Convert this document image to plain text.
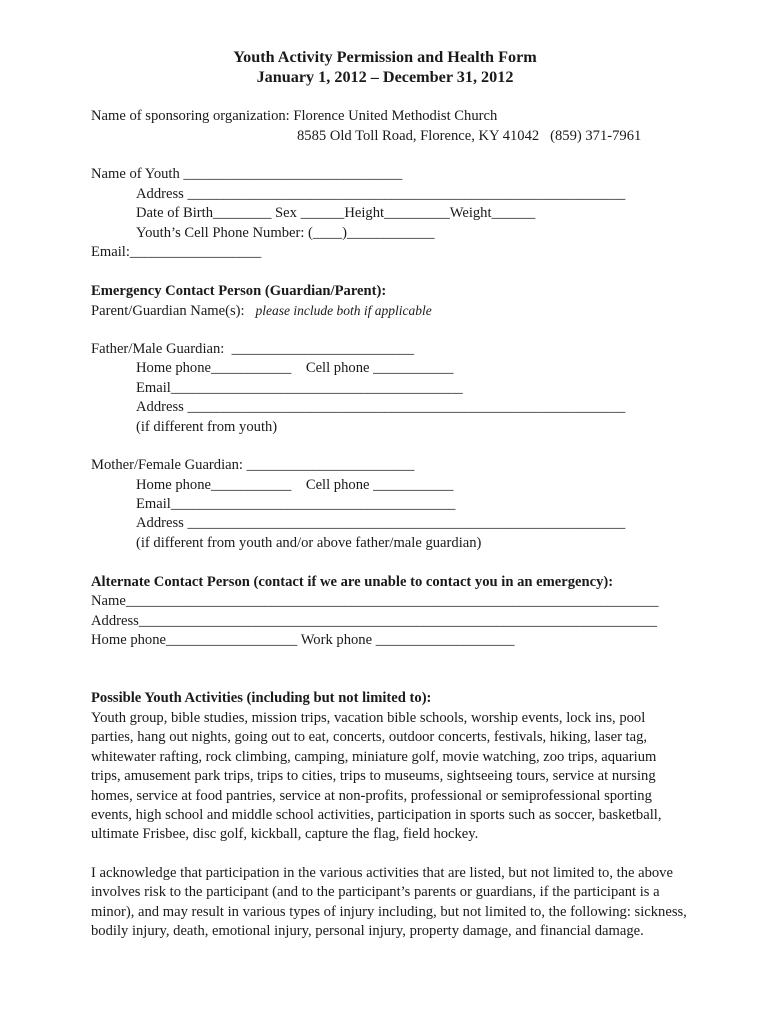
Youth Activity Permission and Health Form
January 1, 2012 – December 31, 2012
Name of sponsoring organization: Florence United Methodist Church
8585 Old Toll Road, Florence, KY 41042   (859) 371-7961
Name of Youth ______________________________
Address ____________________________________________________________
Date of Birth________ Sex ______Height_________Weight______
Youth’s Cell Phone Number: (____)____________
Email:__________________
Emergency Contact Person (Guardian/Parent):
Parent/Guardian Name(s): please include both if applicable
Father/Male Guardian:  _________________________
Home phone___________    Cell phone ___________
Email________________________________________
Address ____________________________________________________________
(if different from youth)
Mother/Female Guardian: _______________________
Home phone___________    Cell phone ___________
Email_______________________________________
Address ____________________________________________________________
(if different from youth and/or above father/male guardian)
Alternate Contact Person (contact if we are unable to contact you in an emergency):
Name_________________________________________________________________________
Address_______________________________________________________________________
Home phone__________________ Work phone ___________________
Possible Youth Activities (including but not limited to):

Youth group, bible studies, mission trips, vacation bible schools, worship events, lock ins, pool parties, hang out nights, going out to eat, concerts, outdoor concerts, festivals, hiking, laser tag, whitewater rafting, rock climbing, camping, miniature golf, movie watching, zoo trips, aquarium trips, amusement park trips, trips to cities, trips to museums, sightseeing tours, service at nursing homes, service at food pantries, service at non-profits, professional or semiprofessional sporting events, high school and middle school activities, participation in sports such as soccer, basketball, ultimate Frisbee, disc golf, kickball, capture the flag, field hockey.

I acknowledge that participation in the various activities that are listed, but not limited to, the above involves risk to the participant (and to the participant’s parents or guardians, if the participant is a minor), and may result in various types of injury including, but not limited to, the following: sickness, bodily injury, death, emotional injury, personal injury, property damage, and financial damage.
